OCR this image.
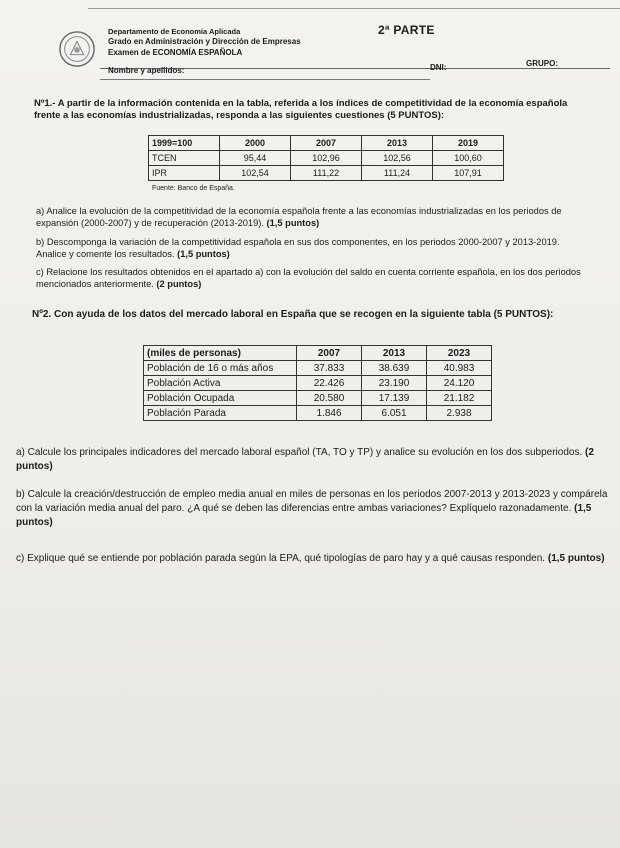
Departamento de Economía Aplicada
Grado en Administración y Dirección de Empresas
Examen de ECONOMÍA ESPAÑOLA
2ª PARTE
GRUPO:
DNI:
Nombre y apellidos:
Nº1.- A partir de la información contenida en la tabla, referida a los índices de competitividad de la economía española frente a las economías industrializadas, responda a las siguientes cuestiones (5 PUNTOS):
1999=100	2000	2007	2013	2019
TCEN	95,44	102,96	102,56	100,60
IPR	102,54	111,22	111,24	107,91
Fuente: Banco de España.
a) Analice la evolución de la competitividad de la economía española frente a las economías industrializadas en los periodos de expansión (2000-2007) y de recuperación (2013-2019). (1,5 puntos)
b) Descomponga la variación de la competitividad española en sus dos componentes, en los periodos 2000-2007 y 2013-2019. Analice y comente los resultados. (1,5 puntos)
c) Relacione los resultados obtenidos en el apartado a) con la evolución del saldo en cuenta corriente española, en los dos periodos mencionados anteriormente. (2 puntos)
Nº2. Con ayuda de los datos del mercado laboral en España que se recogen en la siguiente tabla (5 PUNTOS):
(miles de personas)	2007	2013	2023
Población de 16 o más años	37.833	38.639	40.983
Población Activa	22.426	23.190	24.120
Población Ocupada	20.580	17.139	21.182
Población Parada	1.846	6.051	2.938
a) Calcule los principales indicadores del mercado laboral español (TA, TO y TP) y analice su evolución en los dos subperiodos. (2 puntos)
b) Calcule la creación/destrucción de empleo media anual en miles de personas en los periodos 2007-2013 y 2013-2023 y compárela con la variación media anual del paro. ¿A qué se deben las diferencias entre ambas variaciones? Explíquelo razonadamente. (1,5 puntos)
c) Explique qué se entiende por población parada según la EPA, qué tipologías de paro hay y a qué causas responden. (1,5 puntos)
